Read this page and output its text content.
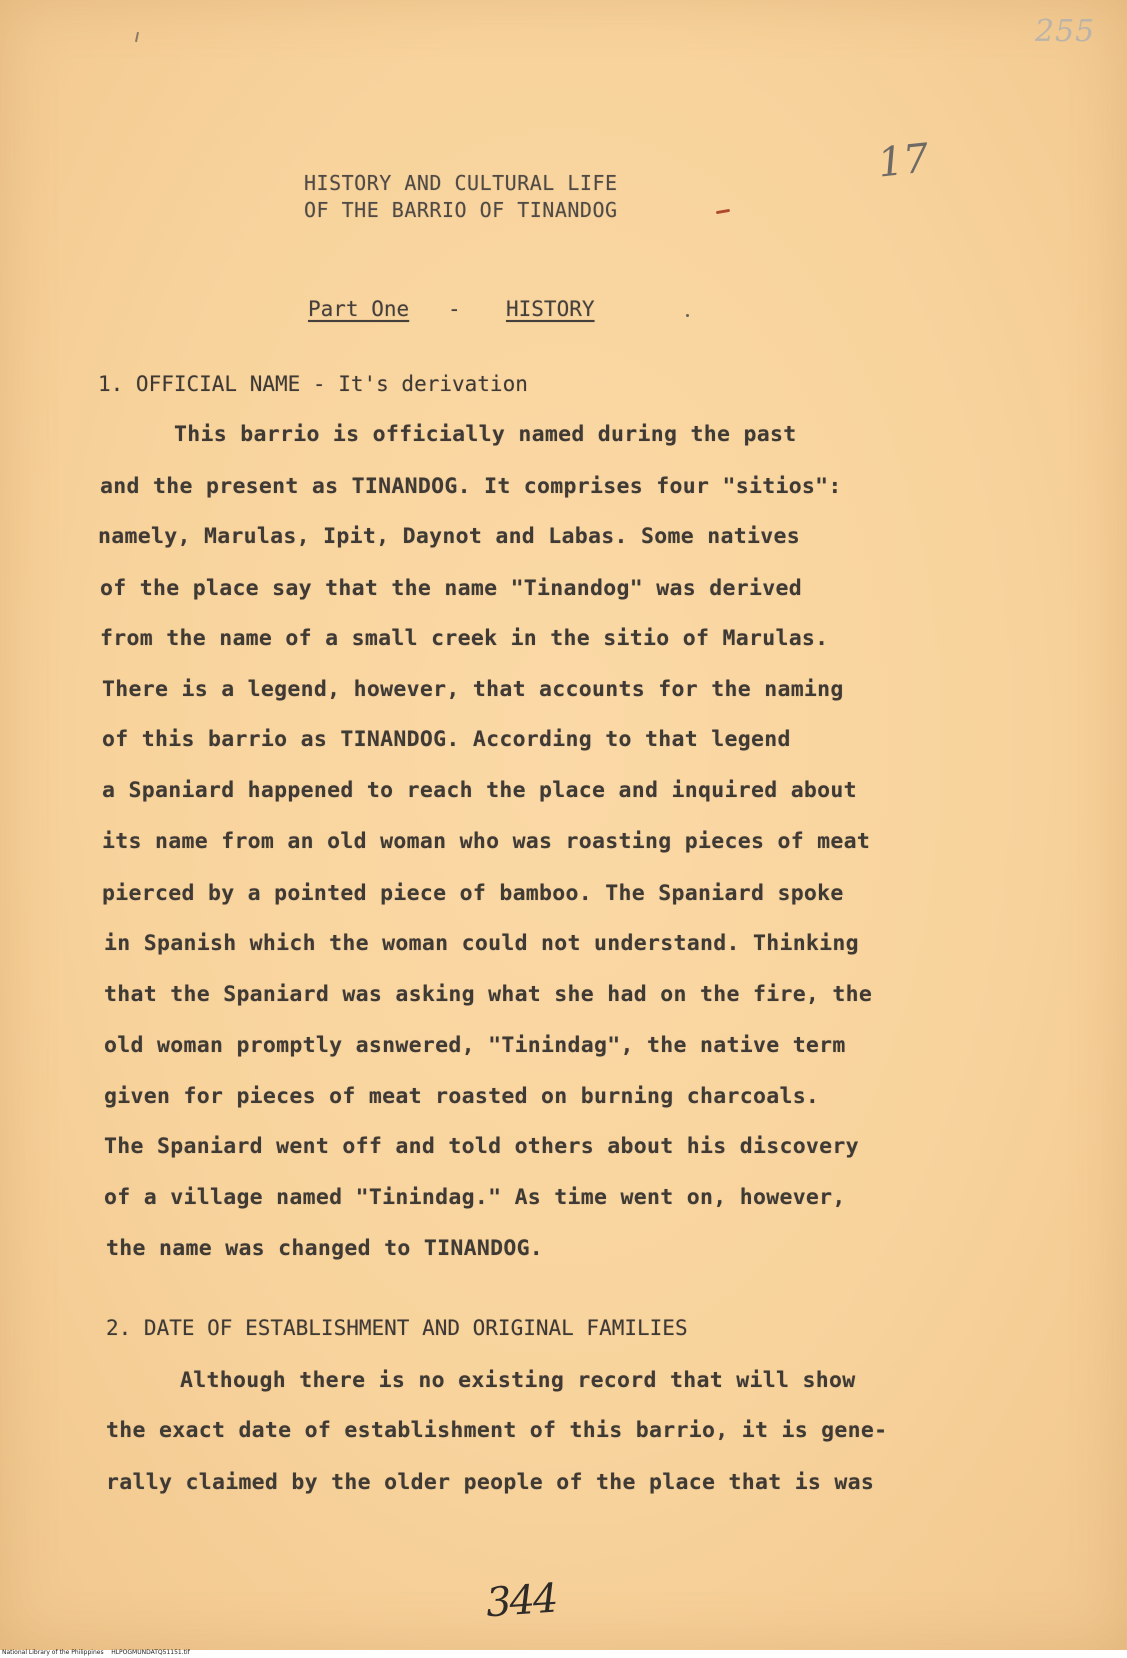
255
17
HISTORY AND CULTURAL LIFE
OF THE BARRIO OF TINANDOG
Part One - HISTORY
1. OFFICIAL NAME - It's derivation
This barrio is officially named during the past
and the present as TINANDOG. It comprises four "sitios":
namely, Marulas, Ipit, Daynot and Labas. Some natives
of the place say that the name "Tinandog" was derived
from the name of a small creek in the sitio of Marulas.
There is a legend, however, that accounts for the naming
of this barrio as TINANDOG. According to that legend
a Spaniard happened to reach the place and inquired about
its name from an old woman who was roasting pieces of meat
pierced by a pointed piece of bamboo. The Spaniard spoke
in Spanish which the woman could not understand. Thinking
that the Spaniard was asking what she had on the fire, the
old woman promptly asnwered, "Tinindag", the native term
given for pieces of meat roasted on burning charcoals.
The Spaniard went off and told others about his discovery
of a village named "Tinindag." As time went on, however,
the name was changed to TINANDOG.
2. DATE OF ESTABLISHMENT AND ORIGINAL FAMILIES
Although there is no existing record that will show
the exact date of establishment of this barrio, it is gene-
rally claimed by the older people of the place that is was
344
National Library of the Philippines    HLPOGMUNDATQ51151.tif
